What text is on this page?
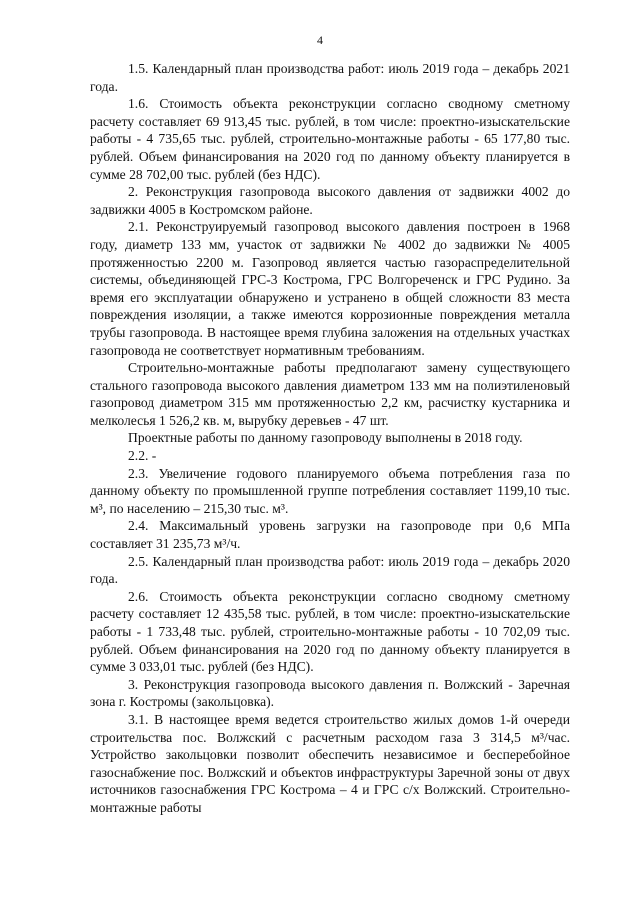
4

1.5. Календарный план производства работ: июль 2019 года – декабрь 2021 года.

1.6. Стоимость объекта реконструкции согласно сводному сметному расчету составляет 69 913,45 тыс. рублей, в том числе: проектно-изыскательские работы - 4 735,65 тыс. рублей, строительно-монтажные работы - 65 177,80 тыс. рублей. Объем финансирования на 2020 год по данному объекту планируется в сумме 28 702,00 тыс. рублей (без НДС).

2. Реконструкция газопровода высокого давления от задвижки 4002 до задвижки 4005 в Костромском районе.

2.1. Реконструируемый газопровод высокого давления построен в 1968 году, диаметр 133 мм, участок от задвижки № 4002 до задвижки № 4005 протяженностью 2200 м. Газопровод является частью газораспределительной системы, объединяющей ГРС-3 Кострома, ГРС Волгореченск и ГРС Рудино. За время его эксплуатации обнаружено и устранено в общей сложности 83 места повреждения изоляции, а также имеются коррозионные повреждения металла трубы газопровода. В настоящее время глубина заложения на отдельных участках газопровода не соответствует нормативным требованиям.

Строительно-монтажные работы предполагают замену существующего стального газопровода высокого давления диаметром 133 мм на полиэтиленовый газопровод диаметром 315 мм протяженностью 2,2 км, расчистку кустарника и мелколесья 1 526,2 кв. м, вырубку деревьев - 47 шт.

Проектные работы по данному газопроводу выполнены в 2018 году.

2.2. -

2.3. Увеличение годового планируемого объема потребления газа по данному объекту по промышленной группе потребления составляет 1199,10 тыс. м³, по населению – 215,30 тыс. м³.

2.4. Максимальный уровень загрузки на газопроводе при 0,6 МПа составляет 31 235,73 м³/ч.

2.5. Календарный план производства работ: июль 2019 года – декабрь 2020 года.

2.6. Стоимость объекта реконструкции согласно сводному сметному расчету составляет 12 435,58 тыс. рублей, в том числе: проектно-изыскательские работы - 1 733,48 тыс. рублей, строительно-монтажные работы - 10 702,09 тыс. рублей. Объем финансирования на 2020 год по данному объекту планируется в сумме 3 033,01 тыс. рублей (без НДС).

3. Реконструкция газопровода высокого давления п. Волжский - Заречная зона г. Костромы (закольцовка).

3.1. В настоящее время ведется строительство жилых домов 1-й очереди строительства пос. Волжский с расчетным расходом газа 3 314,5 м³/час. Устройство закольцовки позволит обеспечить независимое и бесперебойное газоснабжение пос. Волжский и объектов инфраструктуры Заречной зоны от двух источников газоснабжения ГРС Кострома – 4 и ГРС с/х Волжский. Строительно-монтажные работы
